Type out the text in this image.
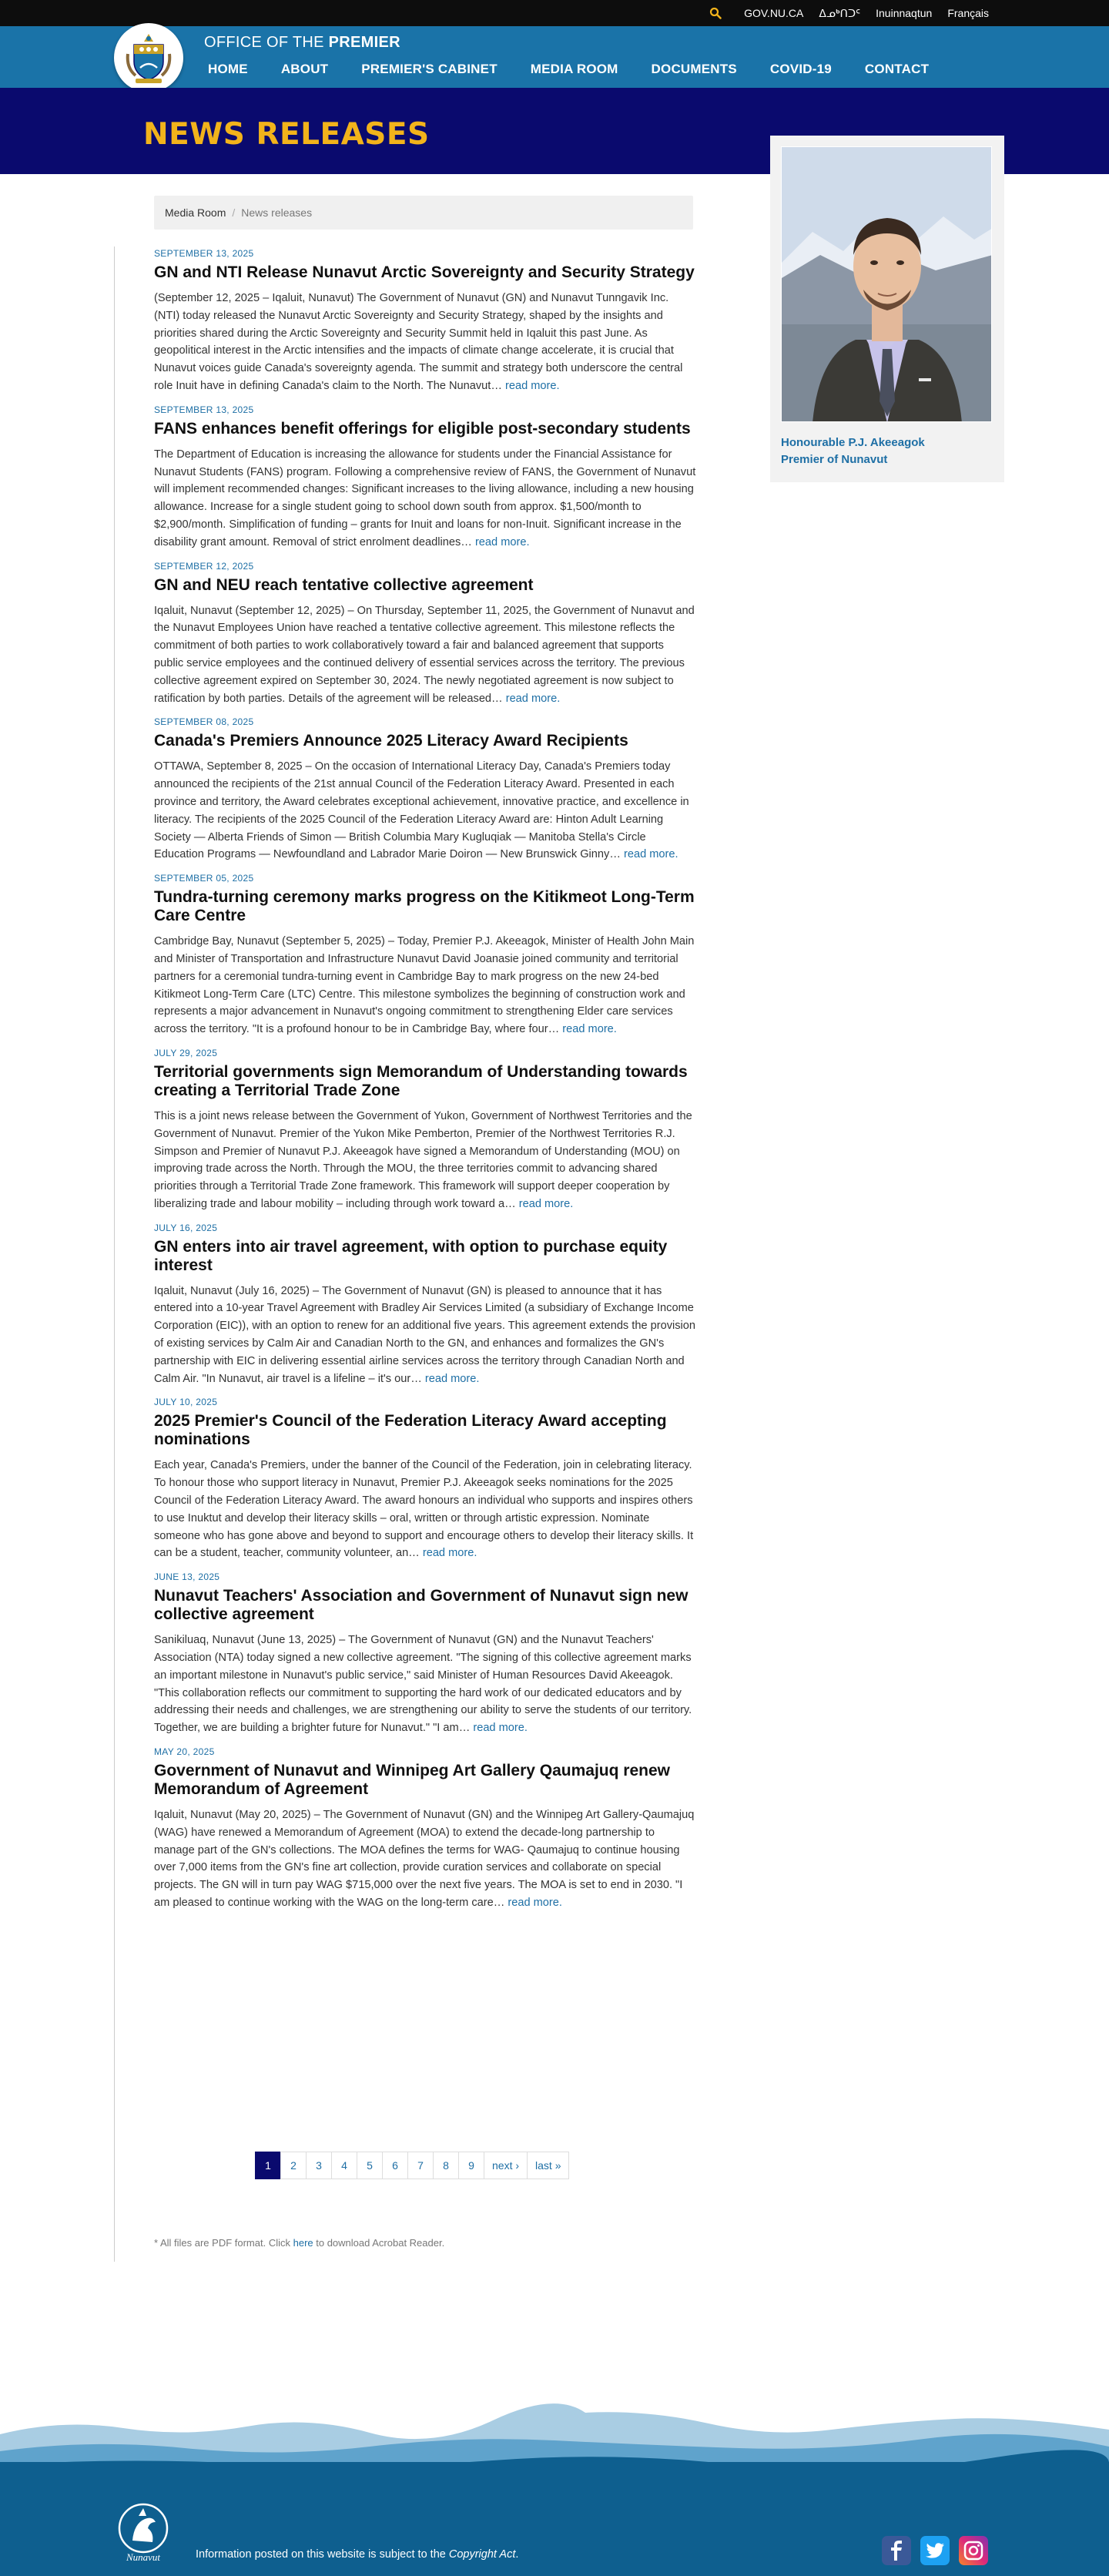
GOV.NU.CA ᐃᓄᒃᑎᑐᑦ Inuinnaqtun Français
OFFICE OF THE PREMIER
HOME	ABOUT	PREMIER'S CABINET	MEDIA ROOM	DOCUMENTS	COVID-19	CONTACT
NEWS RELEASES
Honourable P.J. Akeeagok
Premier of Nunavut
Media Room / News releases
SEPTEMBER 13, 2025
GN and NTI Release Nunavut Arctic Sovereignty and Security Strategy

(September 12, 2025 – Iqaluit, Nunavut) The Government of Nunavut (GN) and Nunavut Tunngavik Inc. (NTI) today released the Nunavut Arctic Sovereignty and Security Strategy, shaped by the insights and priorities shared during the Arctic Sovereignty and Security Summit held in Iqaluit this past June. As geopolitical interest in the Arctic intensifies and the impacts of climate change accelerate, it is crucial that Nunavut voices guide Canada's sovereignty agenda. The summit and strategy both underscore the central role Inuit have in defining Canada's claim to the North. The Nunavut… read more.

SEPTEMBER 13, 2025
FANS enhances benefit offerings for eligible post-secondary students

The Department of Education is increasing the allowance for students under the Financial Assistance for Nunavut Students (FANS) program. Following a comprehensive review of FANS, the Government of Nunavut will implement recommended changes: Significant increases to the living allowance, including a new housing allowance. Increase for a single student going to school down south from approx. $1,500/month to $2,900/month. Simplification of funding – grants for Inuit and loans for non-Inuit. Significant increase in the disability grant amount. Removal of strict enrolment deadlines… read more.

SEPTEMBER 12, 2025
GN and NEU reach tentative collective agreement

Iqaluit, Nunavut (September 12, 2025) – On Thursday, September 11, 2025, the Government of Nunavut and the Nunavut Employees Union have reached a tentative collective agreement. This milestone reflects the commitment of both parties to work collaboratively toward a fair and balanced agreement that supports public service employees and the continued delivery of essential services across the territory. The previous collective agreement expired on September 30, 2024. The newly negotiated agreement is now subject to ratification by both parties. Details of the agreement will be released… read more.

SEPTEMBER 08, 2025
Canada's Premiers Announce 2025 Literacy Award Recipients

OTTAWA, September 8, 2025 – On the occasion of International Literacy Day, Canada's Premiers today announced the recipients of the 21st annual Council of the Federation Literacy Award. Presented in each province and territory, the Award celebrates exceptional achievement, innovative practice, and excellence in literacy. The recipients of the 2025 Council of the Federation Literacy Award are: Hinton Adult Learning Society — Alberta Friends of Simon — British Columbia Mary Kugluqiak — Manitoba Stella's Circle Education Programs — Newfoundland and Labrador Marie Doiron — New Brunswick Ginny… read more.

SEPTEMBER 05, 2025
Tundra-turning ceremony marks progress on the Kitikmeot Long-Term Care Centre

Cambridge Bay, Nunavut (September 5, 2025) – Today, Premier P.J. Akeeagok, Minister of Health John Main and Minister of Transportation and Infrastructure Nunavut David Joanasie joined community and territorial partners for a ceremonial tundra-turning event in Cambridge Bay to mark progress on the new 24-bed Kitikmeot Long-Term Care (LTC) Centre. This milestone symbolizes the beginning of construction work and represents a major advancement in Nunavut's ongoing commitment to strengthening Elder care services across the territory. "It is a profound honour to be in Cambridge Bay, where four… read more.

JULY 29, 2025
Territorial governments sign Memorandum of Understanding towards creating a Territorial Trade Zone

This is a joint news release between the Government of Yukon, Government of Northwest Territories and the Government of Nunavut. Premier of the Yukon Mike Pemberton, Premier of the Northwest Territories R.J. Simpson and Premier of Nunavut P.J. Akeeagok have signed a Memorandum of Understanding (MOU) on improving trade across the North. Through the MOU, the three territories commit to advancing shared priorities through a Territorial Trade Zone framework. This framework will support deeper cooperation by liberalizing trade and labour mobility – including through work toward a… read more.

JULY 16, 2025
GN enters into air travel agreement, with option to purchase equity interest

Iqaluit, Nunavut (July 16, 2025) – The Government of Nunavut (GN) is pleased to announce that it has entered into a 10-year Travel Agreement with Bradley Air Services Limited (a subsidiary of Exchange Income Corporation (EIC)), with an option to renew for an additional five years. This agreement extends the provision of existing services by Calm Air and Canadian North to the GN, and enhances and formalizes the GN's partnership with EIC in delivering essential airline services across the territory through Canadian North and Calm Air. "In Nunavut, air travel is a lifeline – it's our… read more.

JULY 10, 2025
2025 Premier's Council of the Federation Literacy Award accepting nominations

Each year, Canada's Premiers, under the banner of the Council of the Federation, join in celebrating literacy. To honour those who support literacy in Nunavut, Premier P.J. Akeeagok seeks nominations for the 2025 Council of the Federation Literacy Award. The award honours an individual who supports and inspires others to use Inuktut and develop their literacy skills – oral, written or through artistic expression. Nominate someone who has gone above and beyond to support and encourage others to develop their literacy skills. It can be a student, teacher, community volunteer, an… read more.

JUNE 13, 2025
Nunavut Teachers' Association and Government of Nunavut sign new collective agreement

Sanikiluaq, Nunavut (June 13, 2025) – The Government of Nunavut (GN) and the Nunavut Teachers' Association (NTA) today signed a new collective agreement. "The signing of this collective agreement marks an important milestone in Nunavut's public service," said Minister of Human Resources David Akeeagok. "This collaboration reflects our commitment to supporting the hard work of our dedicated educators and by addressing their needs and challenges, we are strengthening our ability to serve the students of our territory. Together, we are building a brighter future for Nunavut." "I am… read more.

MAY 20, 2025
Government of Nunavut and Winnipeg Art Gallery Qaumajuq renew Memorandum of Agreement

Iqaluit, Nunavut (May 20, 2025) – The Government of Nunavut (GN) and the Winnipeg Art Gallery-Qaumajuq (WAG) have renewed a Memorandum of Agreement (MOA) to extend the decade-long partnership to manage part of the GN's collections. The MOA defines the terms for WAG- Qaumajuq to continue housing over 7,000 items from the GN's fine art collection, provide curation services and collaborate on special projects. The GN will in turn pay WAG $715,000 over the next five years. The MOA is set to end in 2030. "I am pleased to continue working with the WAG on the long-term care… read more.

1	2	3	4	5	6	7	8	9	next ›	last »
* All files are PDF format. Click here to download Acrobat Reader.
Nunavut	Information posted on this website is subject to the Copyright Act.
